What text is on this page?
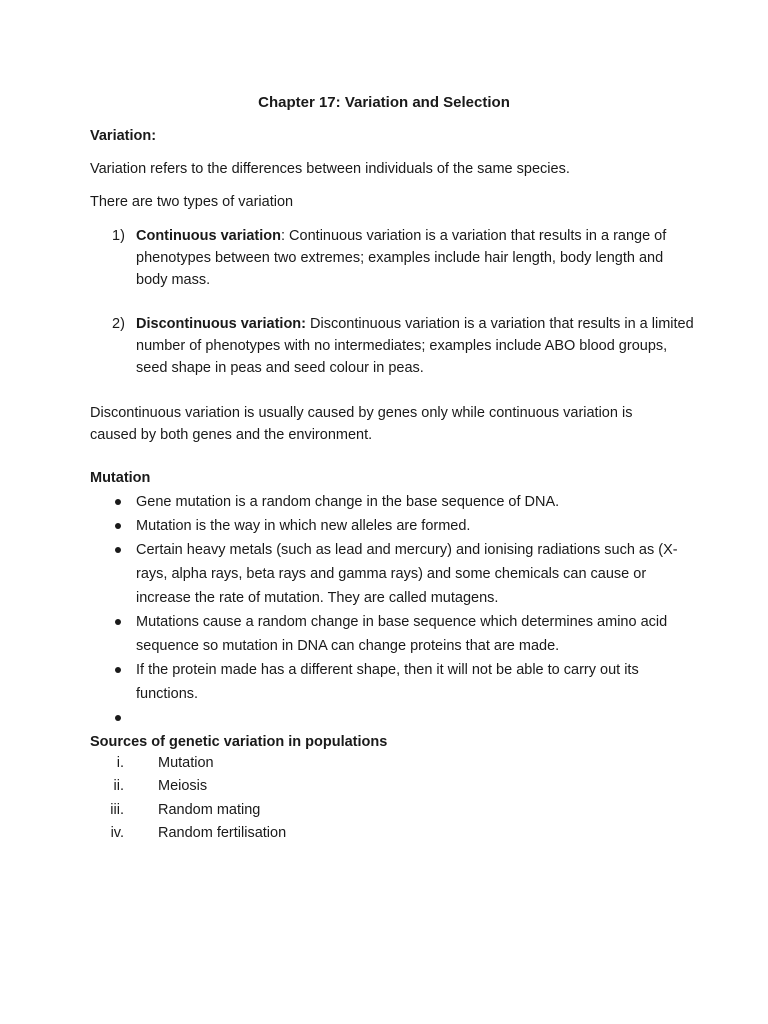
Chapter 17: Variation and Selection
Variation:
Variation refers to the differences between individuals of the same species.
There are two types of variation
1) Continuous variation: Continuous variation is a variation that results in a range of phenotypes between two extremes; examples include hair length, body length and body mass.
2) Discontinuous variation: Discontinuous variation is a variation that results in a limited number of phenotypes with no intermediates; examples include ABO blood groups, seed shape in peas and seed colour in peas.
Discontinuous variation is usually caused by genes only while continuous variation is caused by both genes and the environment.
Mutation
Gene mutation is a random change in the base sequence of DNA.
Mutation is the way in which new alleles are formed.
Certain heavy metals (such as lead and mercury) and ionising radiations such as (X-rays, alpha rays, beta rays and gamma rays) and some chemicals can cause or increase the rate of mutation. They are called mutagens.
Mutations cause a random change in base sequence which determines amino acid sequence so mutation in DNA can change proteins that are made.
If the protein made has a different shape, then it will not be able to carry out its functions.
Sources of genetic variation in populations
i. Mutation
ii. Meiosis
iii. Random mating
iv. Random fertilisation
